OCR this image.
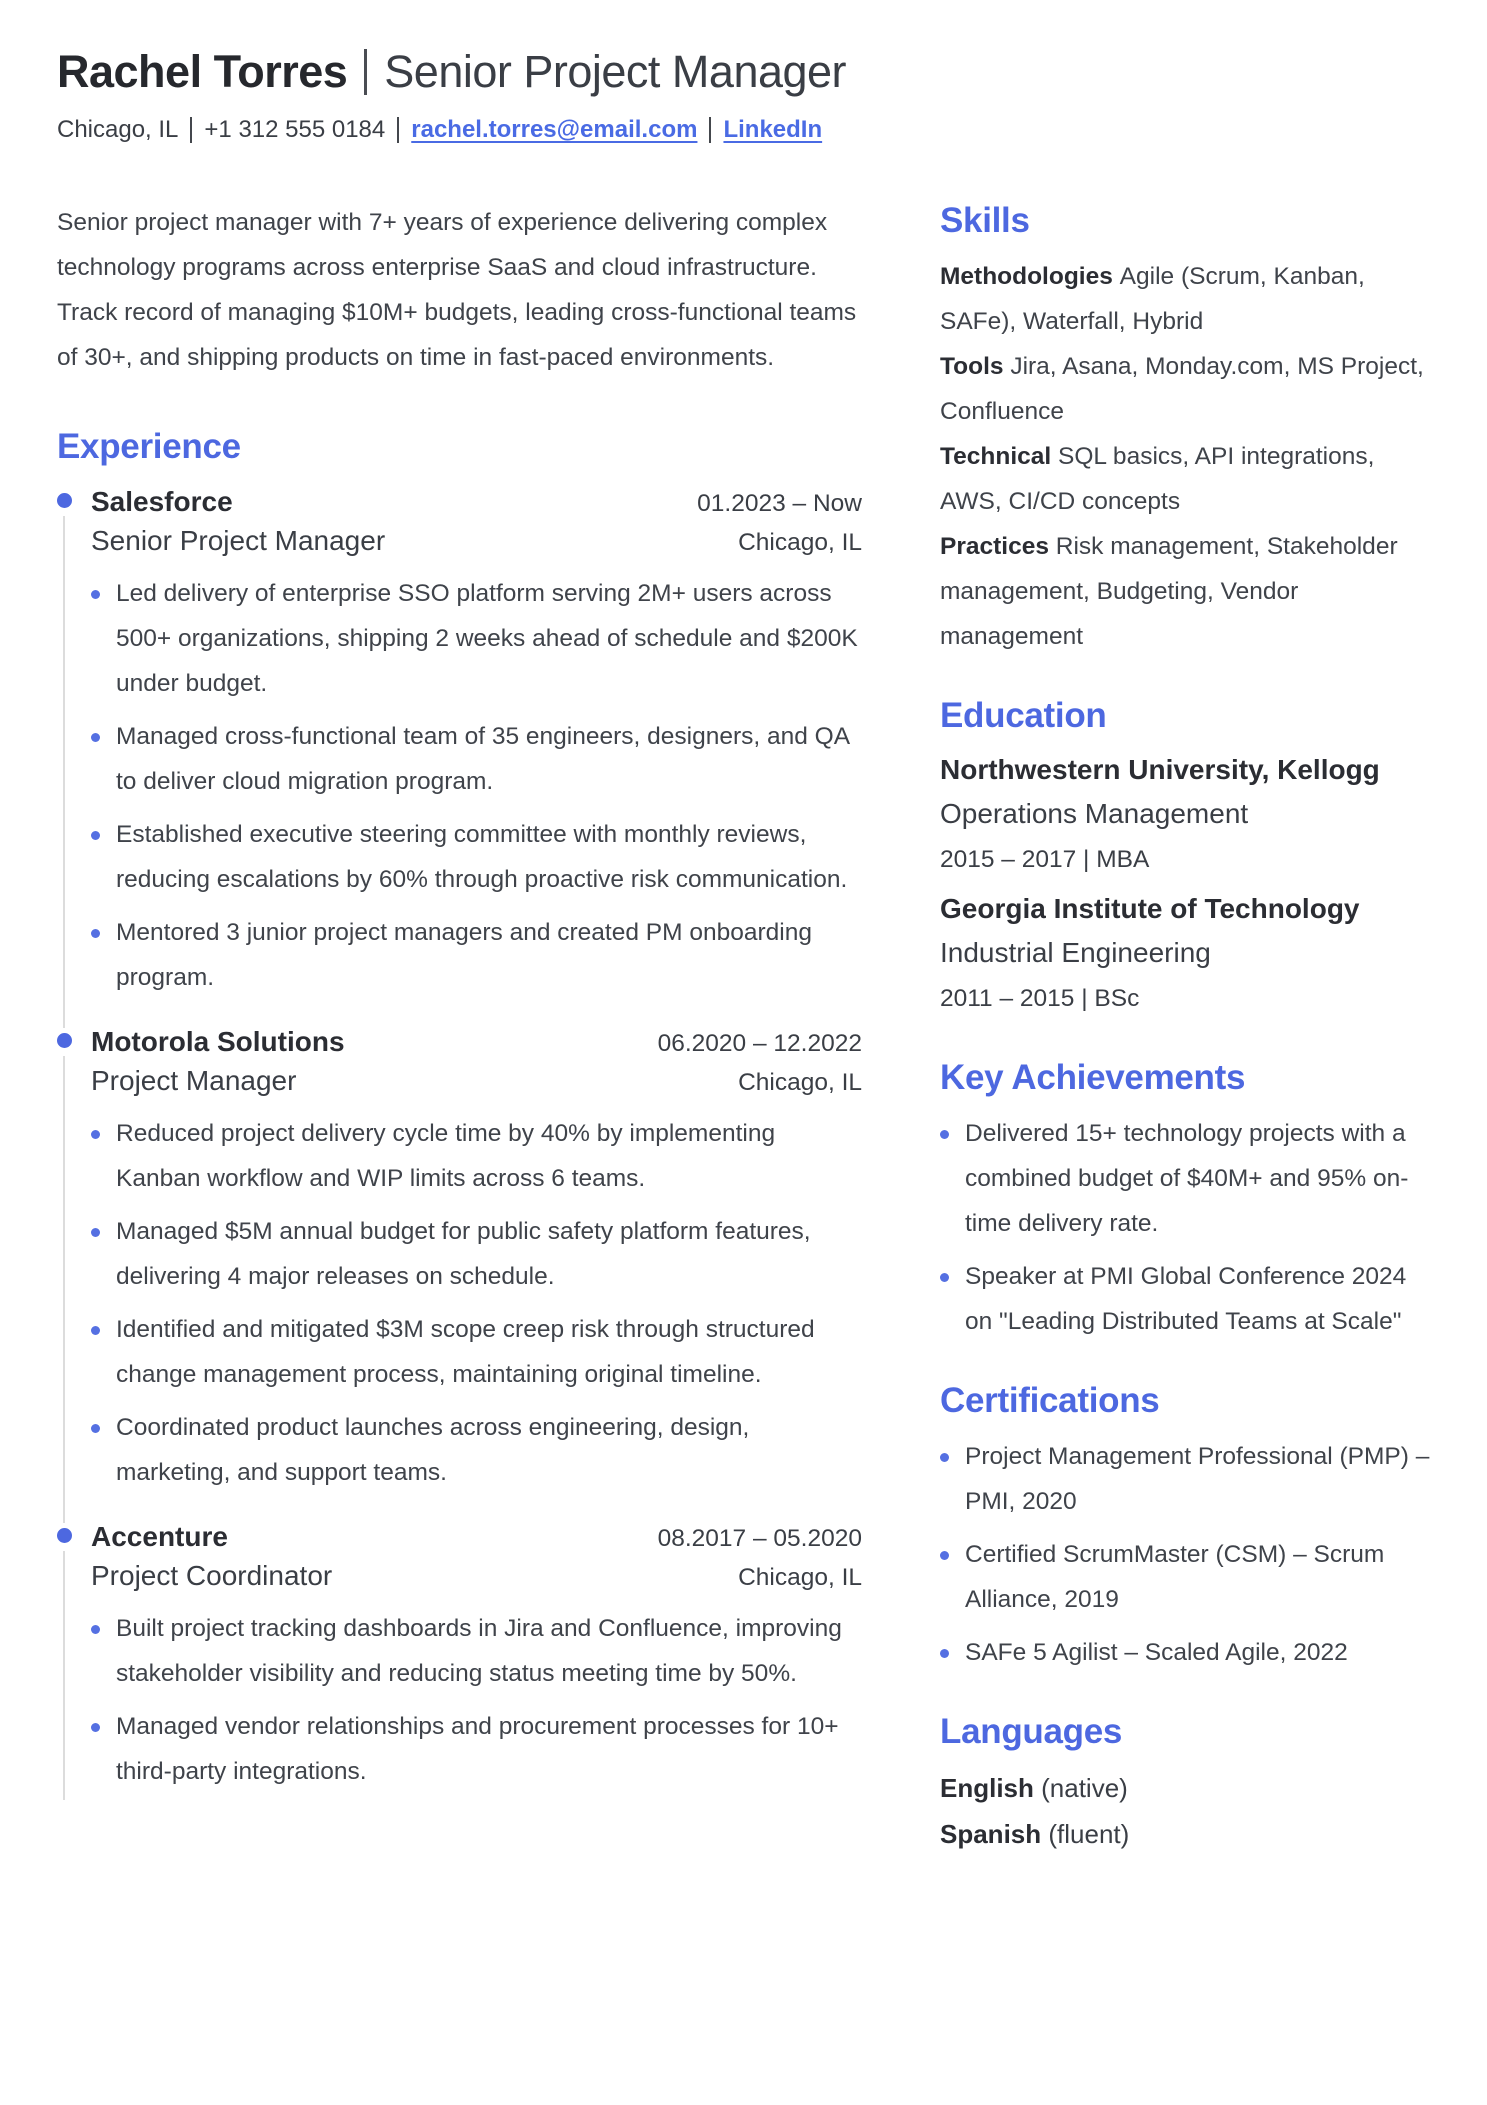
Rachel Torres Senior Project Manager
Chicago, IL +1 312 555 0184 rachel.torres@email.com LinkedIn

Senior project manager with 7+ years of experience delivering complex technology programs across enterprise SaaS and cloud infrastructure. Track record of managing $10M+ budgets, leading cross-functional teams of 30+, and shipping products on time in fast-paced environments.

Experience
Salesforce	01.2023 – Now
Senior Project Manager	Chicago, IL
Led delivery of enterprise SSO platform serving 2M+ users across 500+ organizations, shipping 2 weeks ahead of schedule and $200K under budget.
Managed cross-functional team of 35 engineers, designers, and QA to deliver cloud migration program.
Established executive steering committee with monthly reviews, reducing escalations by 60% through proactive risk communication.
Mentored 3 junior project managers and created PM onboarding program.
Motorola Solutions	06.2020 – 12.2022
Project Manager	Chicago, IL
Reduced project delivery cycle time by 40% by implementing Kanban workflow and WIP limits across 6 teams.
Managed $5M annual budget for public safety platform features, delivering 4 major releases on schedule.
Identified and mitigated $3M scope creep risk through structured change management process, maintaining original timeline.
Coordinated product launches across engineering, design, marketing, and support teams.
Accenture	08.2017 – 05.2020
Project Coordinator	Chicago, IL
Built project tracking dashboards in Jira and Confluence, improving stakeholder visibility and reducing status meeting time by 50%.
Managed vendor relationships and procurement processes for 10+ third-party integrations.
Skills

Methodologies Agile (Scrum, Kanban, SAFe), Waterfall, Hybrid

Tools Jira, Asana, Monday.com, MS Project, Confluence

Technical SQL basics, API integrations, AWS, CI/CD concepts

Practices Risk management, Stakeholder management, Budgeting, Vendor management

Education
Northwestern University, Kellogg
Operations Management
2015 – 2017 | MBA
Georgia Institute of Technology
Industrial Engineering
2011 – 2015 | BSc
Key Achievements
Delivered 15+ technology projects with a combined budget of $40M+ and 95% on-time delivery rate.
Speaker at PMI Global Conference 2024 on "Leading Distributed Teams at Scale"
Certifications
Project Management Professional (PMP) – PMI, 2020
Certified ScrumMaster (CSM) – Scrum Alliance, 2019
SAFe 5 Agilist – Scaled Agile, 2022
Languages
English (native)
Spanish (fluent)
